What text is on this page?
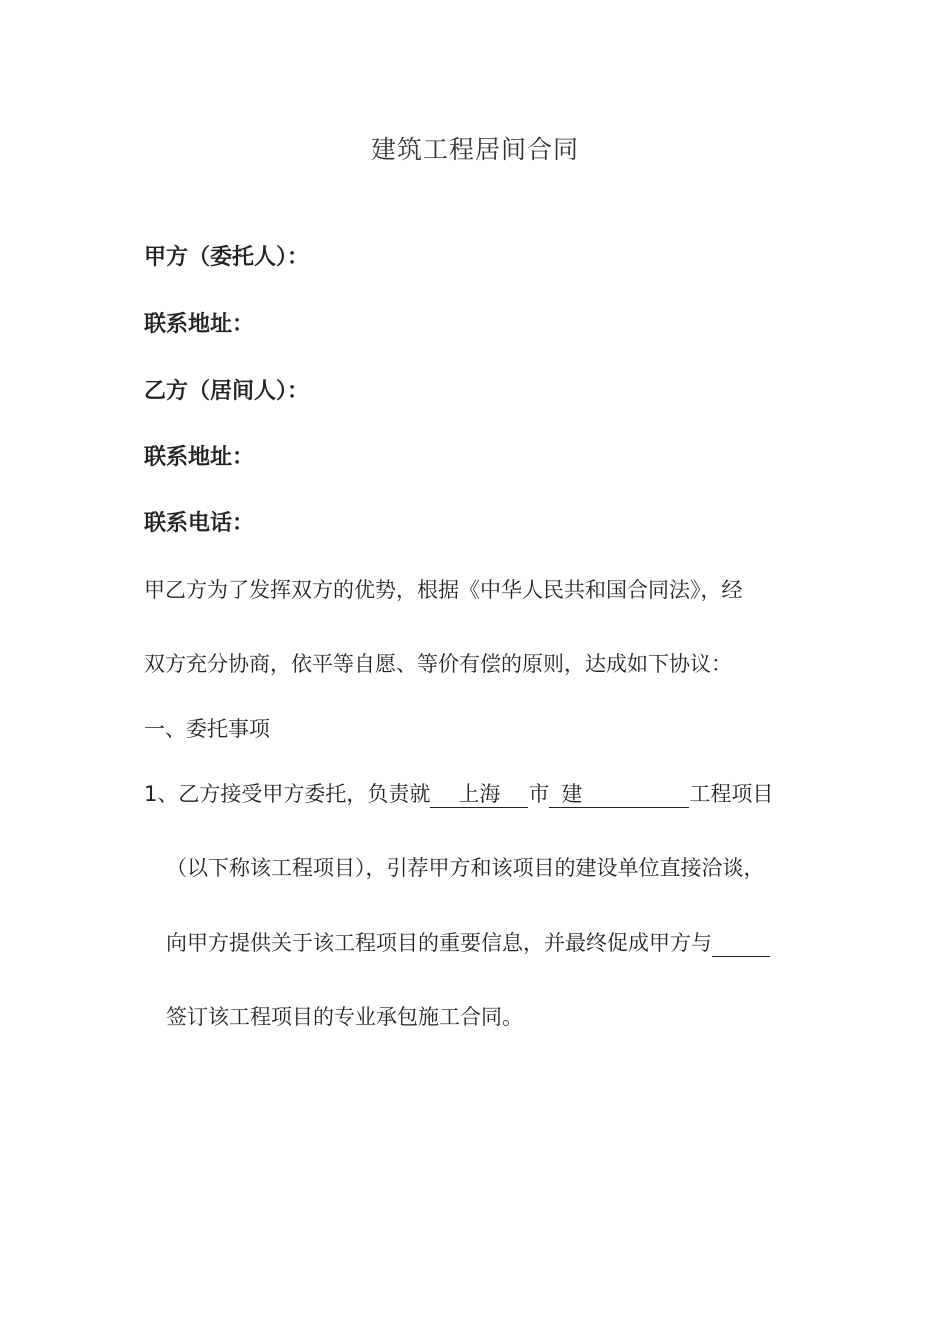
建筑工程居间合同
甲方（委托人）：
联系地址：
乙方（居间人）：
联系地址：
联系电话：
甲乙方为了发挥双方的优势，根据《中华人民共和国合同法》，经
双方充分协商，依平等自愿、等价有偿的原则，达成如下协议：
一、委托事项
1、乙方接受甲方委托，负责就 上海 市 建	工程项目
（以下称该工程项目），引荐甲方和该项目的建设单位直接洽谈，
向甲方提供关于该工程项目的重要信息，并最终促成甲方与
签订该工程项目的专业承包施工合同。
